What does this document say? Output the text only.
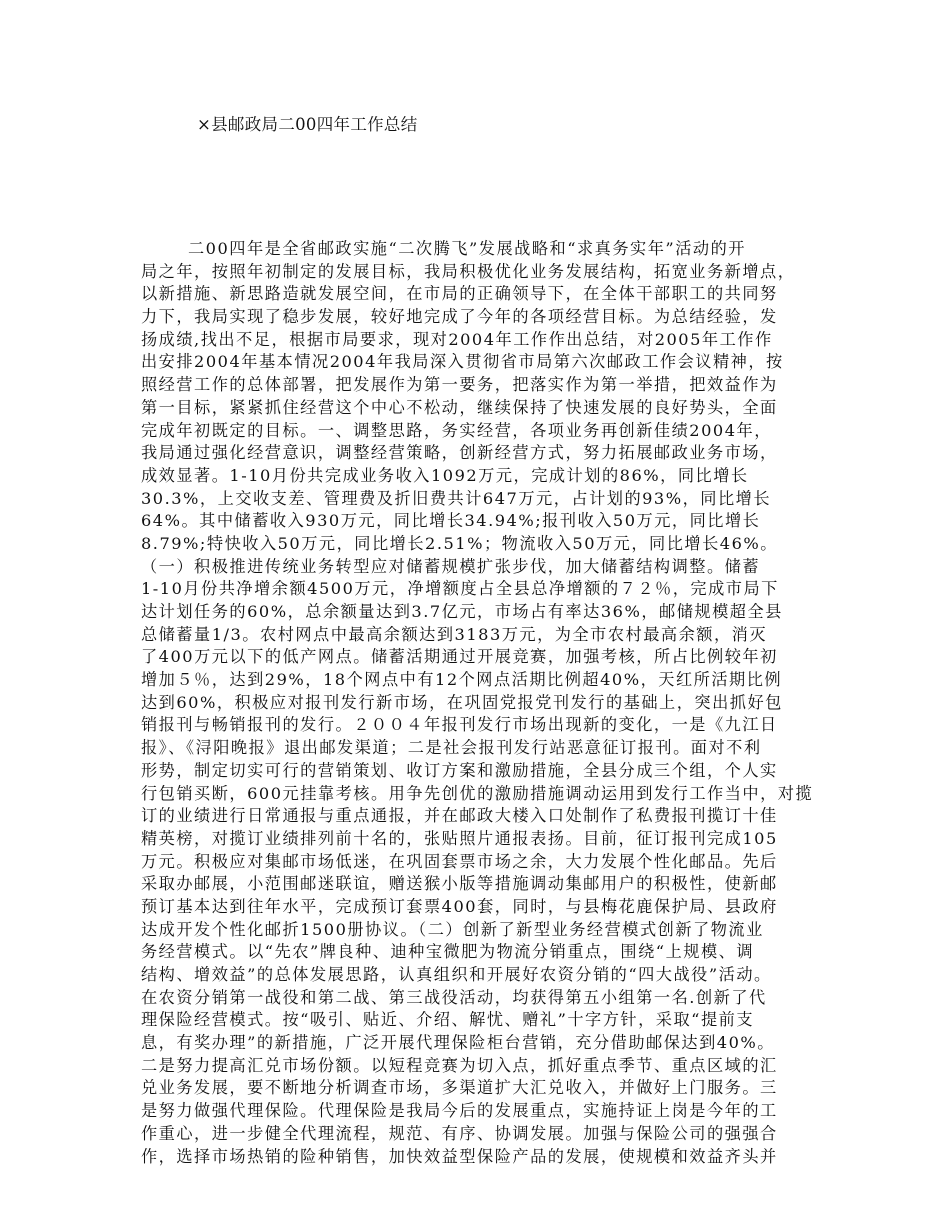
×县邮政局二00四年工作总结
二00四年是全省邮政实施“二次腾飞”发展战略和“求真务实年”活动的开
局之年，按照年初制定的发展目标，我局积极优化业务发展结构，拓宽业务新增点，
以新措施、新思路造就发展空间，在市局的正确领导下，在全体干部职工的共同努
力下，我局实现了稳步发展，较好地完成了今年的各项经营目标。为总结经验，发
扬成绩,找出不足，根据市局要求，现对2004年工作作出总结，对2005年工作作
出安排2004年基本情况2004年我局深入贯彻省市局第六次邮政工作会议精神，按
照经营工作的总体部署，把发展作为第一要务，把落实作为第一举措，把效益作为
第一目标，紧紧抓住经营这个中心不松动，继续保持了快速发展的良好势头，全面
完成年初既定的目标。一、调整思路，务实经营，各项业务再创新佳绩2004年，
我局通过强化经营意识，调整经营策略，创新经营方式，努力拓展邮政业务市场，
成效显著。1-10月份共完成业务收入1092万元，完成计划的86%，同比增长
30.3%，上交收支差、管理费及折旧费共计647万元，占计划的93%，同比增长
64%。其中储蓄收入930万元，同比增长34.94%;报刊收入50万元，同比增长
8.79%;特快收入50万元，同比增长2.51%；物流收入50万元，同比增长46%。
（一）积极推进传统业务转型应对储蓄规模扩张步伐，加大储蓄结构调整。储蓄
1-10月份共净增余额4500万元，净增额度占全县总净增额的７２％，完成市局下
达计划任务的60%，总余额量达到3.7亿元，市场占有率达36%，邮储规模超全县
总储蓄量1/3。农村网点中最高余额达到3183万元，为全市农村最高余额，消灭
了400万元以下的低产网点。储蓄活期通过开展竞赛，加强考核，所占比例较年初
增加５％，达到29%，18个网点中有12个网点活期比例超40%，天红所活期比例
达到60%，积极应对报刊发行新市场，在巩固党报党刊发行的基础上，突出抓好包
销报刊与畅销报刊的发行。２００４年报刊发行市场出现新的变化，一是《九江日
报》、《浔阳晚报》退出邮发渠道；二是社会报刊发行站恶意征订报刊。面对不利
形势，制定切实可行的营销策划、收订方案和激励措施，全县分成三个组，个人实
行包销买断，600元挂靠考核。用争先创优的激励措施调动运用到发行工作当中，对揽
订的业绩进行日常通报与重点通报，并在邮政大楼入口处制作了私费报刊揽订十佳
精英榜，对揽订业绩排列前十名的，张贴照片通报表扬。目前，征订报刊完成105
万元。积极应对集邮市场低迷，在巩固套票市场之余，大力发展个性化邮品。先后
采取办邮展，小范围邮迷联谊，赠送猴小版等措施调动集邮用户的积极性，使新邮
预订基本达到往年水平，完成预订套票400套，同时，与县梅花鹿保护局、县政府
达成开发个性化邮折1500册协议。（二）创新了新型业务经营模式创新了物流业
务经营模式。以“先农”牌良种、迪种宝微肥为物流分销重点，围绕“上规模、调
结构、增效益”的总体发展思路，认真组织和开展好农资分销的“四大战役”活动。
在农资分销第一战役和第二战、第三战役活动，均获得第五小组第一名.创新了代
理保险经营模式。按“吸引、贴近、介绍、解忧、赠礼”十字方针，采取“提前支
息，有奖办理”的新措施，广泛开展代理保险柜台营销，充分借助邮保达到40%。
二是努力提高汇兑市场份额。以短程竞赛为切入点，抓好重点季节、重点区域的汇
兑业务发展，要不断地分析调查市场，多渠道扩大汇兑收入，并做好上门服务。三
是努力做强代理保险。代理保险是我局今后的发展重点，实施持证上岗是今年的工
作重心，进一步健全代理流程，规范、有序、协调发展。加强与保险公司的强强合
作，选择市场热销的险种销售，加快效益型保险产品的发展，使规模和效益齐头并
